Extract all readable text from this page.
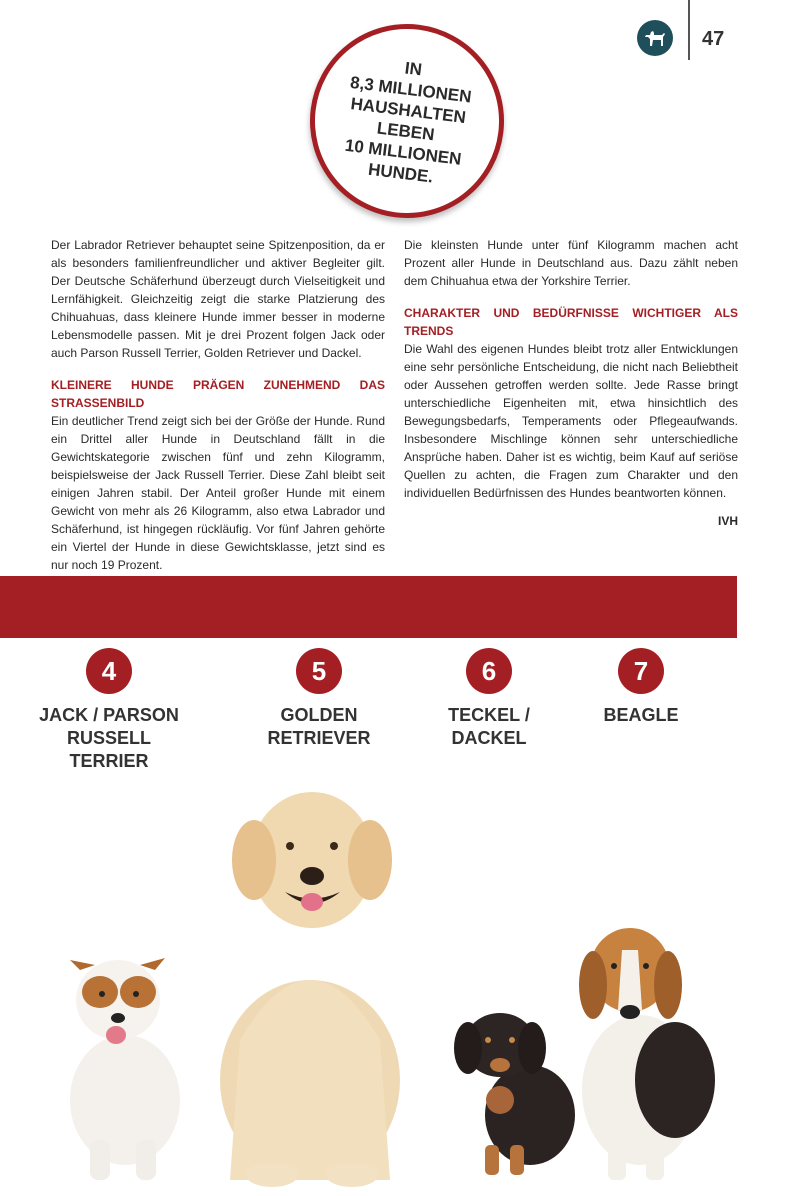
47
IN
8,3 MILLIONEN
HAUSHALTEN
LEBEN
10 MILLIONEN
HUNDE.

Der Labrador Retriever behauptet seine Spitzenposition, da er als besonders familienfreundlicher und aktiver Begleiter gilt. Der Deutsche Schäferhund überzeugt durch Vielseitigkeit und Lernfähigkeit. Gleichzeitig zeigt die starke Platzierung des Chihuahuas, dass kleinere Hunde immer besser in moderne Lebensmodelle passen. Mit je drei Prozent folgen Jack oder auch Parson Russell Terrier, Golden Retriever und Dackel.

KLEINERE HUNDE PRÄGEN ZUNEHMEND DAS STRASSENBILD

Ein deutlicher Trend zeigt sich bei der Größe der Hunde. Rund ein Drittel aller Hunde in Deutschland fällt in die Gewichtskategorie zwischen fünf und zehn Kilogramm, beispielsweise der Jack Russell Terrier. Diese Zahl bleibt seit einigen Jahren stabil. Der Anteil großer Hunde mit einem Gewicht von mehr als 26 Kilogramm, also etwa Labrador und Schäferhund, ist hingegen rückläufig. Vor fünf Jahren gehörte ein Viertel der Hunde in diese Gewichtsklasse, jetzt sind es nur noch 19 Prozent.

Die kleinsten Hunde unter fünf Kilogramm machen acht Prozent aller Hunde in Deutschland aus. Dazu zählt neben dem Chihuahua etwa der Yorkshire Terrier.

CHARAKTER UND BEDÜRFNISSE WICHTIGER ALS TRENDS

Die Wahl des eigenen Hundes bleibt trotz aller Entwicklungen eine sehr persönliche Entscheidung, die nicht nach Beliebtheit oder Aussehen getroffen werden sollte. Jede Rasse bringt unterschiedliche Eigenheiten mit, etwa hinsichtlich des Bewegungsbedarfs, Temperaments oder Pflegeaufwands. Insbesondere Mischlinge können sehr unterschiedliche Ansprüche haben. Daher ist es wichtig, beim Kauf auf seriöse Quellen zu achten, die Fragen zum Charakter und den individuellen Bedürfnissen des Hundes beantworten können.

IVH
4
JACK / PARSON
RUSSELL
TERRIER
5
GOLDEN
RETRIEVER
6
TECKEL /
DACKEL
7
BEAGLE
